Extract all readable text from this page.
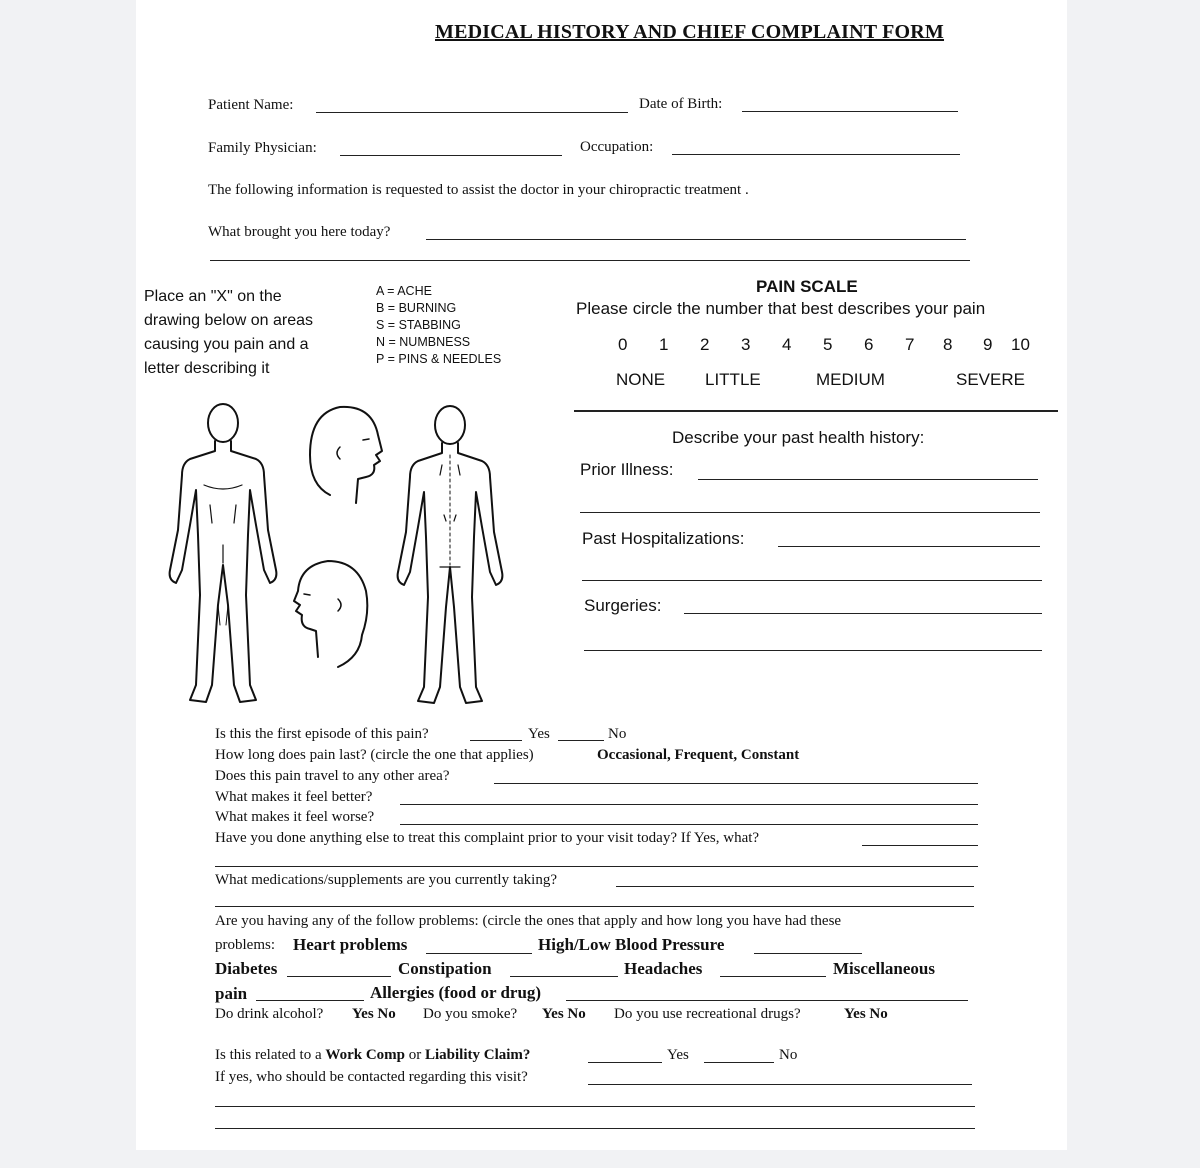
MEDICAL HISTORY AND CHIEF COMPLAINT FORM
Patient Name:	Date of Birth:
Family Physician:	Occupation:
The following information is requested to assist the doctor in your chiropractic treatment .
What brought you here today?
Place an "X" on the
drawing below on areas
causing you pain and a
letter describing it
A = ACHE
B = BURNING
S = STABBING
N = NUMBNESS
P = PINS & NEEDLES
PAIN SCALE
Please circle the number that best describes your pain
0 1 2 3 4 5 6 7 8 9 10
NONE LITTLE	MEDIUM	SEVERE
Describe your past health history:
Prior Illness:
Past Hospitalizations:
Surgeries:
Is this the first episode of this pain?	Yes	No
How long does pain last? (circle the one that applies)	Occasional, Frequent, Constant
Does this pain travel to any other area?
What makes it feel better?
What makes it feel worse?
Have you done anything else to treat this complaint prior to your visit today? If Yes, what?
What medications/supplements are you currently taking?
Are you having any of the follow problems: (circle the ones that apply and how long you have had these
problems: Heart problems	High/Low Blood Pressure
Diabetes	Constipation	Headaches	Miscellaneous
pain	Allergies (food or drug)
Do drink alcohol? Yes No Do you smoke? Yes No Do you use recreational drugs?	Yes No
Is this related to a Work Comp or Liability Claim?	Yes	No
If yes, who should be contacted regarding this visit?
